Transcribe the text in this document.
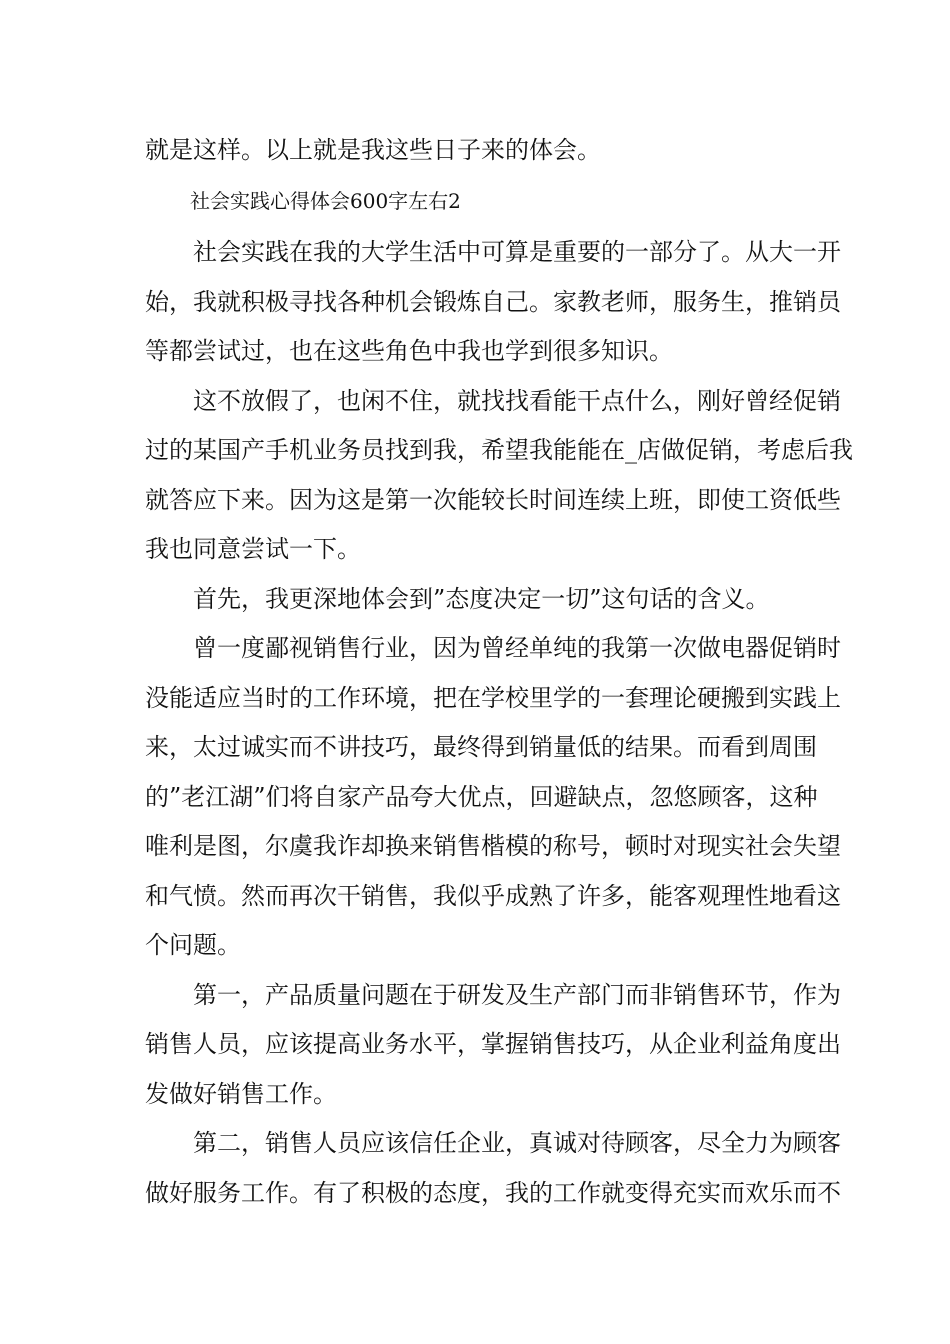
就是这样。以上就是我这些日子来的体会。
社会实践心得体会600字左右2
社会实践在我的大学生活中可算是重要的一部分了。从大一开
始，我就积极寻找各种机会锻炼自己。家教老师，服务生，推销员
等都尝试过，也在这些角色中我也学到很多知识。
这不放假了，也闲不住，就找找看能干点什么，刚好曾经促销
过的某国产手机业务员找到我，希望我能能在_店做促销，考虑后我
就答应下来。因为这是第一次能较长时间连续上班，即使工资低些
我也同意尝试一下。
首先，我更深地体会到”态度决定一切”这句话的含义。
曾一度鄙视销售行业，因为曾经单纯的我第一次做电器促销时
没能适应当时的工作环境，把在学校里学的一套理论硬搬到实践上
来，太过诚实而不讲技巧，最终得到销量低的结果。而看到周围
的”老江湖”们将自家产品夸大优点，回避缺点，忽悠顾客，这种
唯利是图，尔虞我诈却换来销售楷模的称号，顿时对现实社会失望
和气愤。然而再次干销售，我似乎成熟了许多，能客观理性地看这
个问题。
第一，产品质量问题在于研发及生产部门而非销售环节，作为
销售人员，应该提高业务水平，掌握销售技巧，从企业利益角度出
发做好销售工作。
第二，销售人员应该信任企业，真诚对待顾客，尽全力为顾客
做好服务工作。有了积极的态度，我的工作就变得充实而欢乐而不
